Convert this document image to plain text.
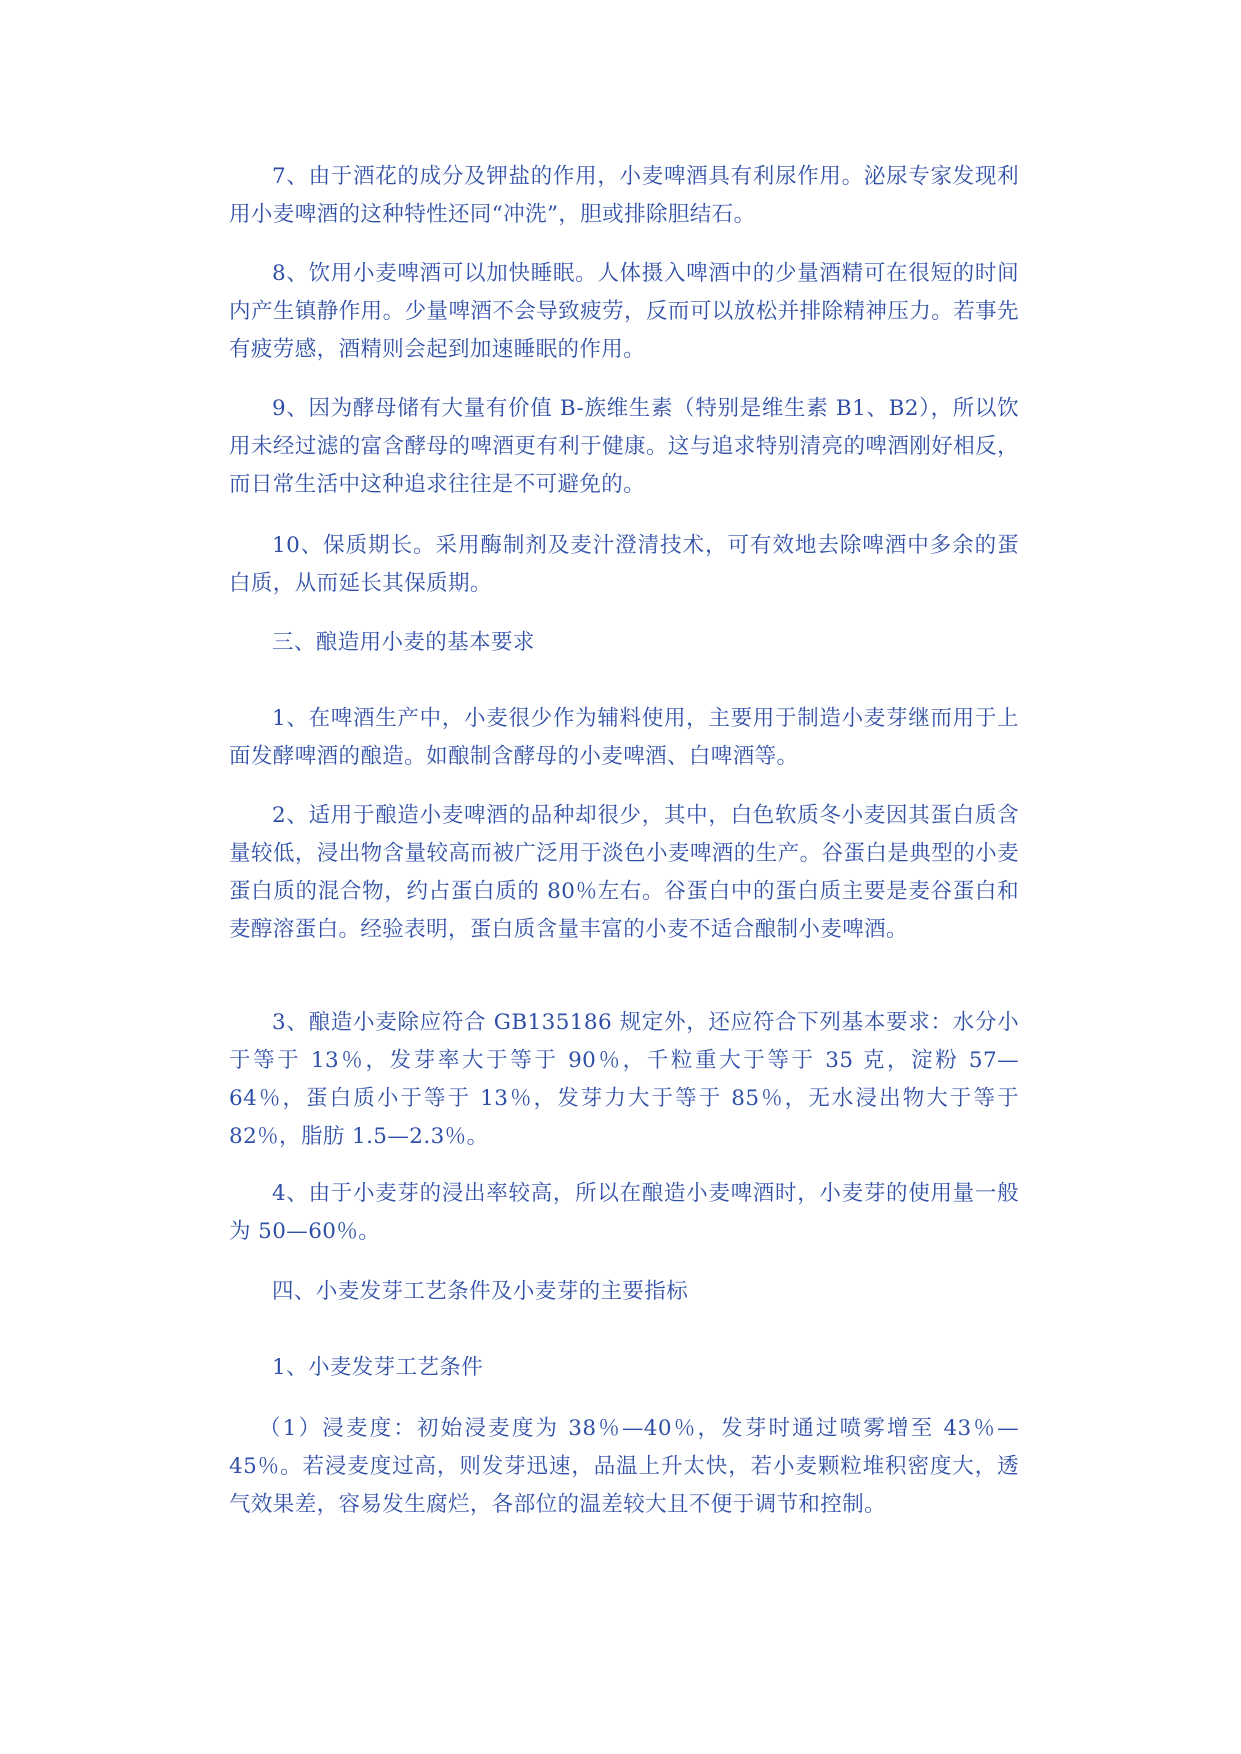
7、由于酒花的成分及钾盐的作用，小麦啤酒具有利尿作用。泌尿专家发现利用小麦啤酒的这种特性还同“冲洗”，胆或排除胆结石。

8、饮用小麦啤酒可以加快睡眠。人体摄入啤酒中的少量酒精可在很短的时间内产生镇静作用。少量啤酒不会导致疲劳，反而可以放松并排除精神压力。若事先有疲劳感，酒精则会起到加速睡眠的作用。

9、因为酵母储有大量有价值 B-族维生素（特别是维生素 B1、B2），所以饮用未经过滤的富含酵母的啤酒更有利于健康。这与追求特别清亮的啤酒刚好相反，而日常生活中这种追求往往是不可避免的。

10、保质期长。采用酶制剂及麦汁澄清技术，可有效地去除啤酒中多余的蛋白质，从而延长其保质期。

三、酿造用小麦的基本要求

1、在啤酒生产中，小麦很少作为辅料使用，主要用于制造小麦芽继而用于上面发酵啤酒的酿造。如酿制含酵母的小麦啤酒、白啤酒等。

2、适用于酿造小麦啤酒的品种却很少，其中，白色软质冬小麦因其蛋白质含量较低，浸出物含量较高而被广泛用于淡色小麦啤酒的生产。谷蛋白是典型的小麦蛋白质的混合物，约占蛋白质的 80％左右。谷蛋白中的蛋白质主要是麦谷蛋白和麦醇溶蛋白。经验表明，蛋白质含量丰富的小麦不适合酿制小麦啤酒。

3、酿造小麦除应符合 GB135186 规定外，还应符合下列基本要求：水分小于等于 13％，发芽率大于等于 90％，千粒重大于等于 35 克，淀粉 57—64％，蛋白质小于等于 13％，发芽力大于等于 85％，无水浸出物大于等于 82％，脂肪 1.5—2.3％。

4、由于小麦芽的浸出率较高，所以在酿造小麦啤酒时，小麦芽的使用量一般为 50—60％。

四、小麦发芽工艺条件及小麦芽的主要指标

1、小麦发芽工艺条件

（1）浸麦度：初始浸麦度为 38％—40％，发芽时通过喷雾增至 43％—45％。若浸麦度过高，则发芽迅速，品温上升太快，若小麦颗粒堆积密度大，透气效果差，容易发生腐烂，各部位的温差较大且不便于调节和控制。
